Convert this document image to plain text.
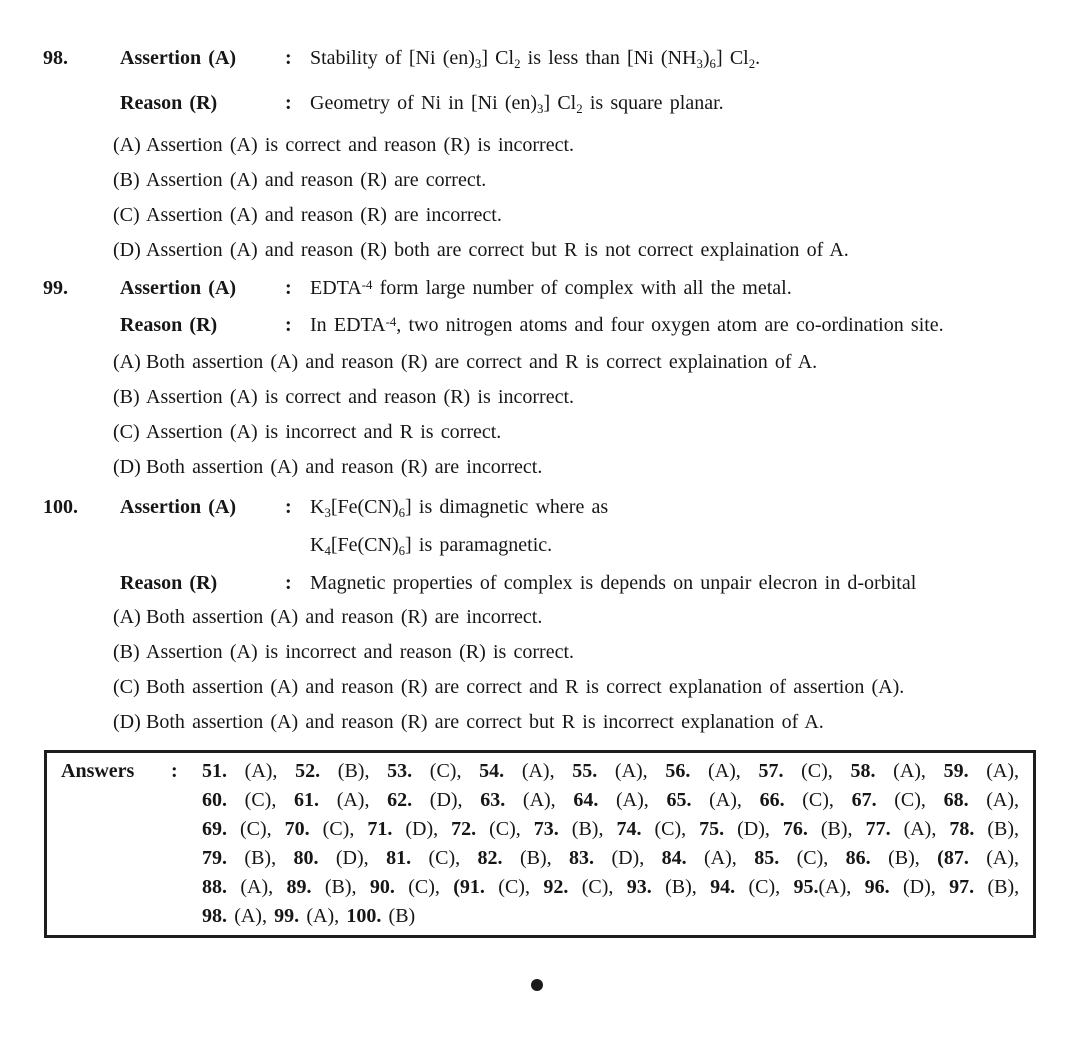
98.	Assertion (A)	: Stability of [Ni $(en)_3$] $Cl_2$ is less than [Ni $(NH_3)_6$] $Cl_2$.
Reason (R)	: Geometry of Ni in [Ni $(en)_3$] $Cl_2$ is square planar.
(A) Assertion (A) is correct and reason (R) is incorrect.
(B) Assertion (A) and reason (R) are correct.
(C) Assertion (A) and reason (R) are incorrect.
(D) Assertion (A) and reason (R) both are correct but R is not correct explaination of A.
99.	Assertion (A)	: $EDTA^{-4}$ form large number of complex with all the metal.
Reason (R)	: In $EDTA^{-4}$, two nitrogen atoms and four oxygen atom are co-ordination site.
(A) Both assertion (A) and reason (R) are correct and R is correct explaination of A.
(B) Assertion (A) is correct and reason (R) is incorrect.
(C) Assertion (A) is incorrect and R is correct.
(D) Both assertion (A) and reason (R) are incorrect.
100.	Assertion (A)	: $K_3[Fe(CN)_6]$ is dimagnetic where as
$K_4[Fe(CN)_6]$ is paramagnetic.
Reason (R)	: Magnetic properties of complex is depends on unpair elecron in d-orbital
(A) Both assertion (A) and reason (R) are incorrect.
(B) Assertion (A) is incorrect and reason (R) is correct.
(C) Both assertion (A) and reason (R) are correct and R is correct explanation of assertion (A).
(D) Both assertion (A) and reason (R) are correct but R is incorrect explanation of A.
Answers	:	51. (A), 52. (B), 53. (C), 54. (A), 55. (A), 56. (A), 57. (C), 58. (A), 59. (A),
60. (C), 61. (A), 62. (D), 63. (A), 64. (A), 65. (A), 66. (C), 67. (C), 68. (A),
69. (C), 70. (C), 71. (D), 72. (C), 73. (B), 74. (C), 75. (D), 76. (B), 77. (A), 78. (B),
79. (B), 80. (D), 81. (C), 82. (B), 83. (D), 84. (A), 85. (C), 86. (B), (87. (A),
88. (A), 89. (B), 90. (C), (91. (C), 92. (C), 93. (B), 94. (C), 95.(A), 96. (D), 97. (B),
98. (A), 99. (A), 100. (B)
